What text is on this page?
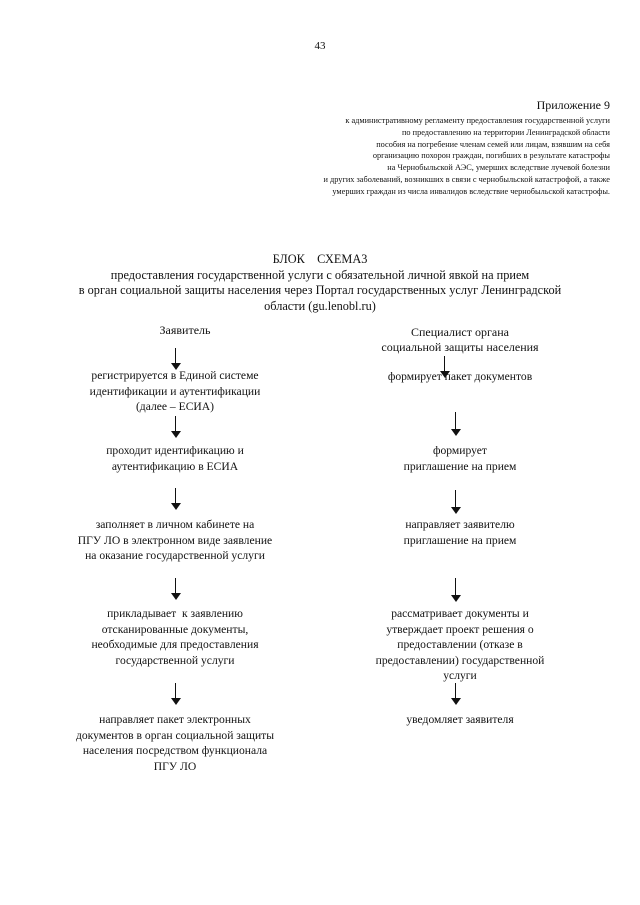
43
Приложение 9
к административному регламенту предоставления государственной услуги
по предоставлению на территории Ленинградской области
пособия на погребение членам семей или лицам, взявшим на себя
организацию похорон граждан, погибших в результате катастрофы
на Чернобыльской АЭС, умерших вследствие лучевой болезни
и других заболеваний, возникших в связи с чернобыльской катастрофой, а также
умерших граждан из числа инвалидов вследствие чернобыльской катастрофы.
БЛОК    СХЕМА3
предоставления государственной услуги с обязательной личной явкой на прием
в орган социальной защиты населения через Портал государственных услуг Ленинградской
области (gu.lenobl.ru)
Заявитель
регистрируется в Единой системе
идентификации и аутентификации
(далее – ЕСИА)
проходит идентификацию и
аутентификацию в ЕСИА
заполняет в личном кабинете на
ПГУ ЛО в электронном виде заявление
на оказание государственной услуги
прикладывает  к заявлению
отсканированные документы,
необходимые для предоставления
государственной услуги
направляет пакет электронных
документов в орган социальной защиты
населения посредством функционала
ПГУ ЛО
Специалист органа
социальной защиты населения
формирует пакет документов
формирует
приглашение на прием
направляет заявителю
приглашение на прием
рассматривает документы и
утверждает проект решения о
предоставлении (отказе в
предоставлении) государственной
услуги
уведомляет заявителя
